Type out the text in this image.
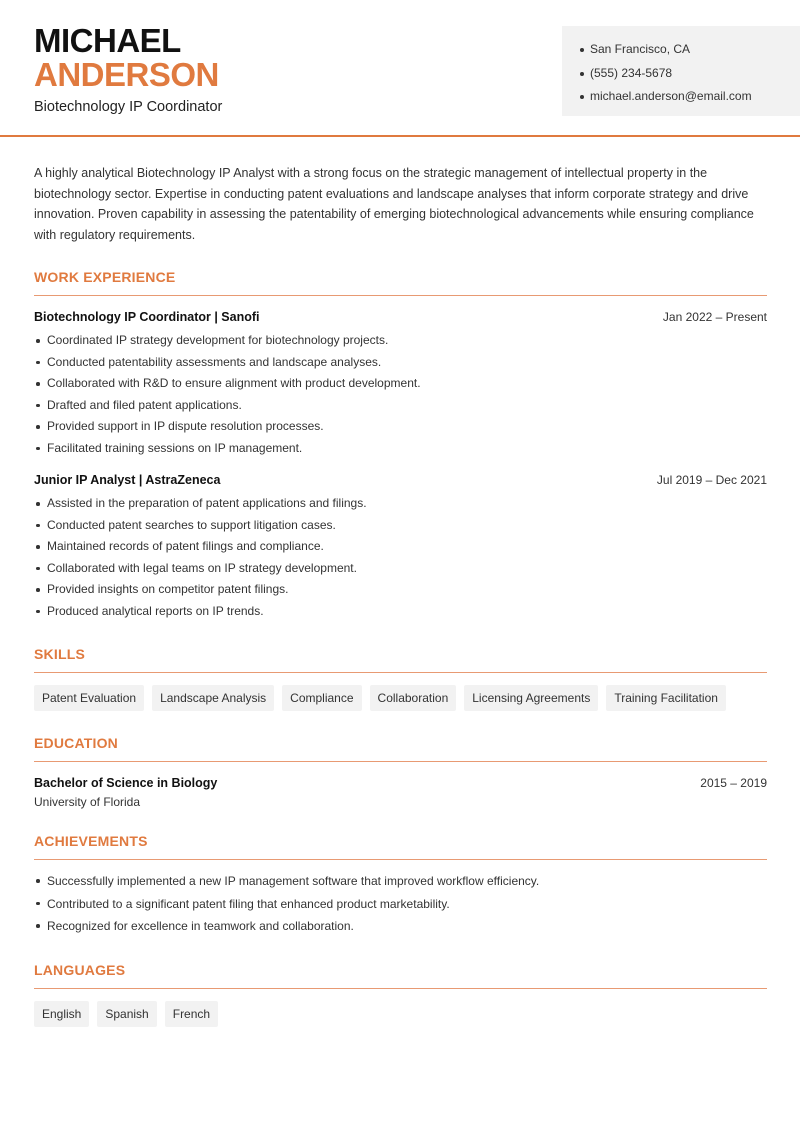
MICHAEL
ANDERSON
Biotechnology IP Coordinator
San Francisco, CA
(555) 234-5678
michael.anderson@email.com

A highly analytical Biotechnology IP Analyst with a strong focus on the strategic management of intellectual property in the biotechnology sector. Expertise in conducting patent evaluations and landscape analyses that inform corporate strategy and drive innovation. Proven capability in assessing the patentability of emerging biotechnological advancements while ensuring compliance with regulatory requirements.

WORK EXPERIENCE
Biotechnology IP Coordinator | Sanofi	Jan 2022 – Present
Coordinated IP strategy development for biotechnology projects.
Conducted patentability assessments and landscape analyses.
Collaborated with R&D to ensure alignment with product development.
Drafted and filed patent applications.
Provided support in IP dispute resolution processes.
Facilitated training sessions on IP management.
Junior IP Analyst | AstraZeneca	Jul 2019 – Dec 2021
Assisted in the preparation of patent applications and filings.
Conducted patent searches to support litigation cases.
Maintained records of patent filings and compliance.
Collaborated with legal teams on IP strategy development.
Provided insights on competitor patent filings.
Produced analytical reports on IP trends.
SKILLS
Patent Evaluation	Landscape Analysis	Compliance	Collaboration	Licensing Agreements	Training Facilitation
EDUCATION
Bachelor of Science in Biology	2015 – 2019
University of Florida
ACHIEVEMENTS
Successfully implemented a new IP management software that improved workflow efficiency.
Contributed to a significant patent filing that enhanced product marketability.
Recognized for excellence in teamwork and collaboration.
LANGUAGES
English	Spanish	French
